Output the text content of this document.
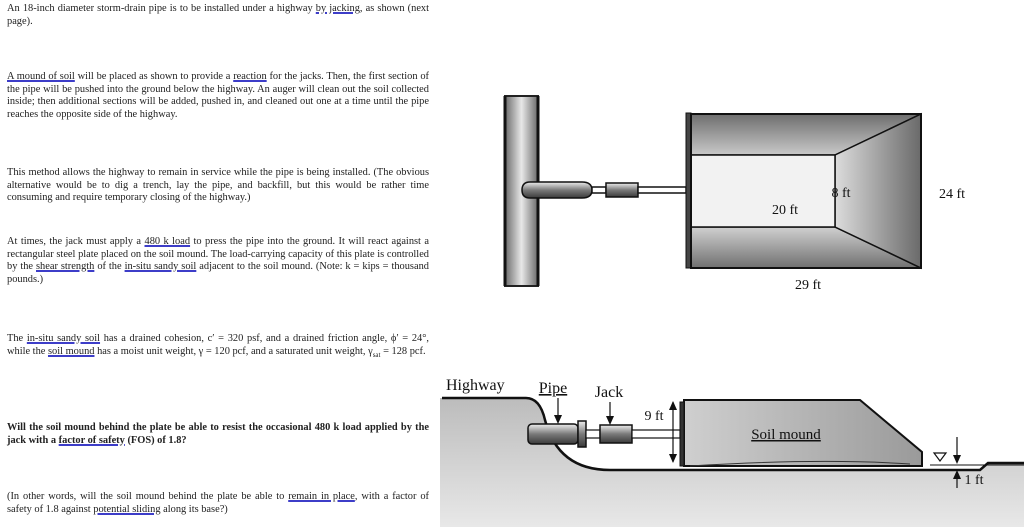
An 18-inch diameter storm-drain pipe is to be installed under a highway by jacking, as shown (next page).

A mound of soil will be placed as shown to provide a reaction for the jacks. Then, the first section of the pipe will be pushed into the ground below the highway. An auger will clean out the soil collected inside; then additional sections will be added, pushed in, and cleaned out one at a time until the pipe reaches the opposite side of the highway.

This method allows the highway to remain in service while the pipe is being installed. (The obvious alternative would be to dig a trench, lay the pipe, and backfill, but this would be rather time consuming and require temporary closing of the highway.)

At times, the jack must apply a 480 k load to press the pipe into the ground. It will react against a rectangular steel plate placed on the soil mound. The load-carrying capacity of this plate is controlled by the shear strength of the in-situ sandy soil adjacent to the soil mound. (Note: k = kips = thousand pounds.)

The in-situ sandy soil has a drained cohesion, c′ = 320 psf, and a drained friction angle, ϕ′ = 24°, while the soil mound has a moist unit weight, γ = 120 pcf, and a saturated unit weight, $\gamma_{sat} = 128$ pcf.

Will the soil mound behind the plate be able to resist the occasional 480 k load applied by the jack with a factor of safety (FOS) of 1.8?

(In other words, will the soil mound behind the plate be able to remain in place, with a factor of safety of 1.8 against potential sliding along its base?)

20 ft
8 ft	24 ft
29 ft
Soil mound
Highway Pipe Jack
9 ft
1 ft
